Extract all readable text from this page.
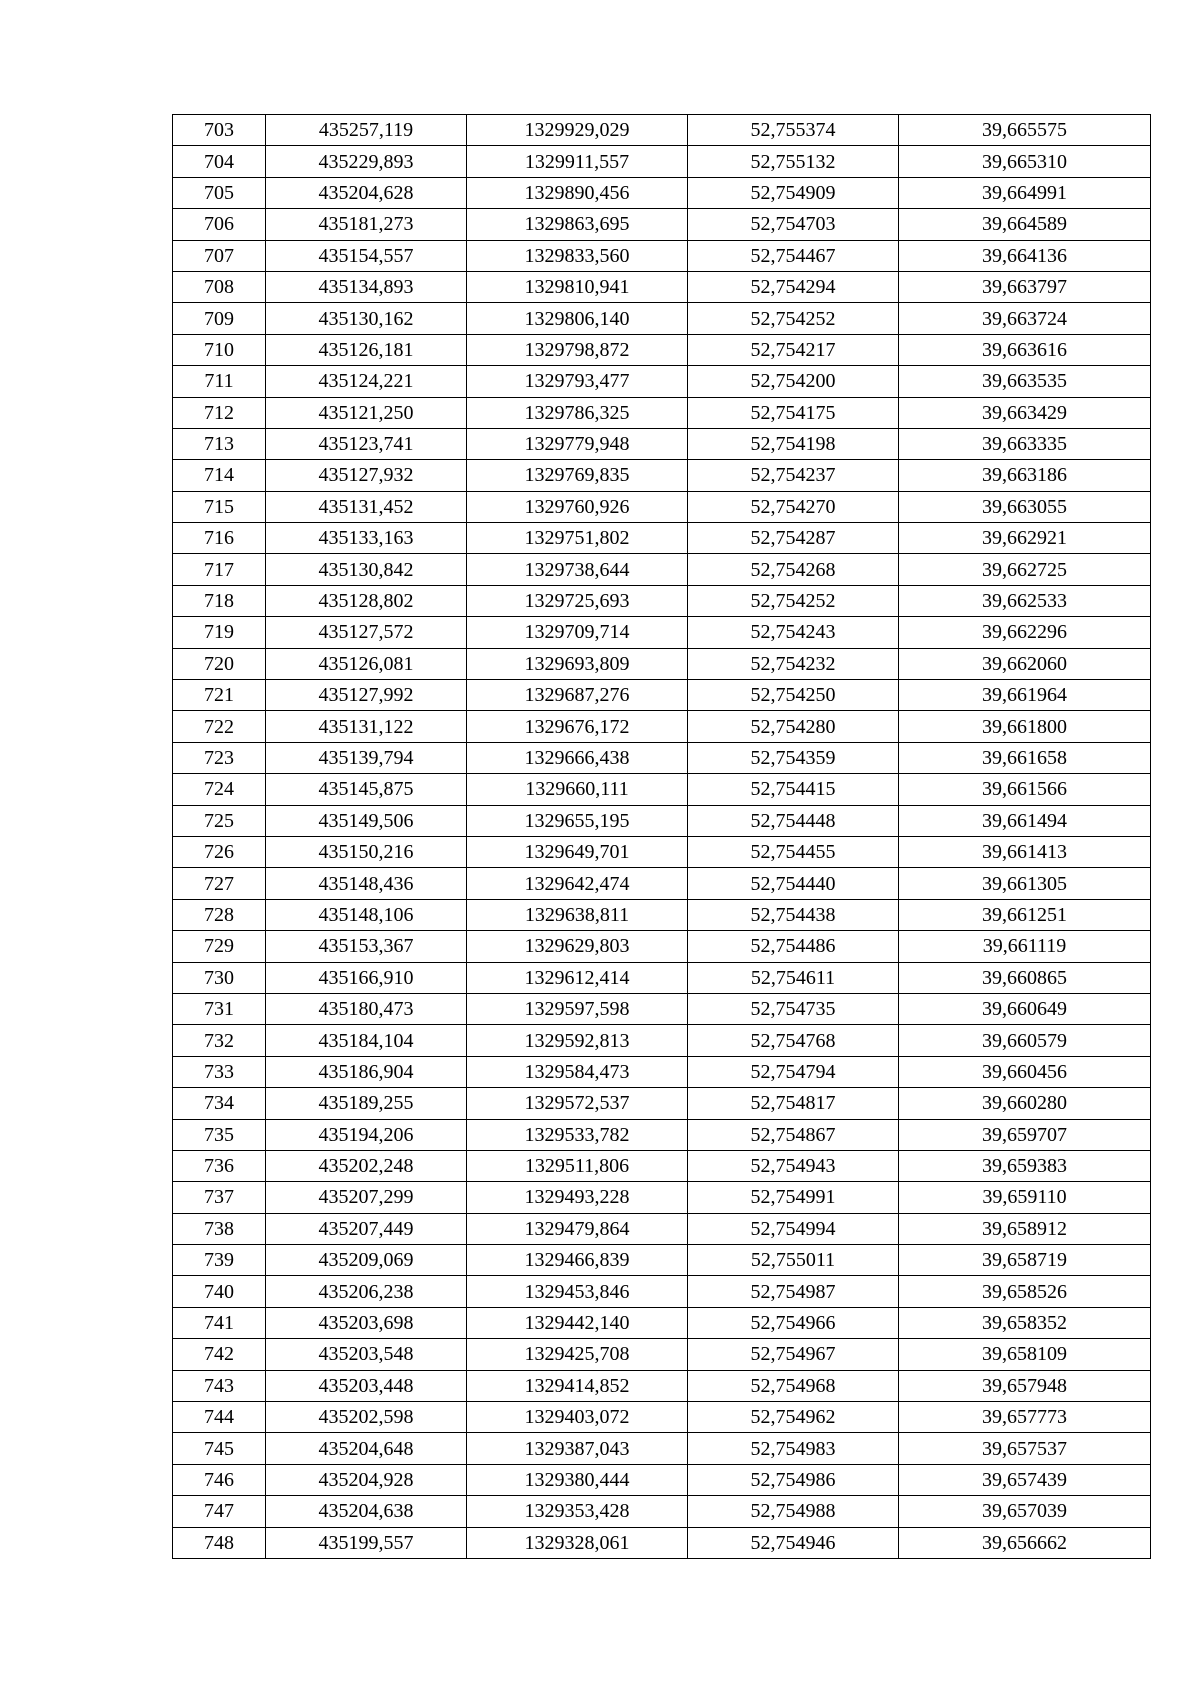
703	435257,119	1329929,029	52,755374	39,665575
704	435229,893	1329911,557	52,755132	39,665310
705	435204,628	1329890,456	52,754909	39,664991
706	435181,273	1329863,695	52,754703	39,664589
707	435154,557	1329833,560	52,754467	39,664136
708	435134,893	1329810,941	52,754294	39,663797
709	435130,162	1329806,140	52,754252	39,663724
710	435126,181	1329798,872	52,754217	39,663616
711	435124,221	1329793,477	52,754200	39,663535
712	435121,250	1329786,325	52,754175	39,663429
713	435123,741	1329779,948	52,754198	39,663335
714	435127,932	1329769,835	52,754237	39,663186
715	435131,452	1329760,926	52,754270	39,663055
716	435133,163	1329751,802	52,754287	39,662921
717	435130,842	1329738,644	52,754268	39,662725
718	435128,802	1329725,693	52,754252	39,662533
719	435127,572	1329709,714	52,754243	39,662296
720	435126,081	1329693,809	52,754232	39,662060
721	435127,992	1329687,276	52,754250	39,661964
722	435131,122	1329676,172	52,754280	39,661800
723	435139,794	1329666,438	52,754359	39,661658
724	435145,875	1329660,111	52,754415	39,661566
725	435149,506	1329655,195	52,754448	39,661494
726	435150,216	1329649,701	52,754455	39,661413
727	435148,436	1329642,474	52,754440	39,661305
728	435148,106	1329638,811	52,754438	39,661251
729	435153,367	1329629,803	52,754486	39,661119
730	435166,910	1329612,414	52,754611	39,660865
731	435180,473	1329597,598	52,754735	39,660649
732	435184,104	1329592,813	52,754768	39,660579
733	435186,904	1329584,473	52,754794	39,660456
734	435189,255	1329572,537	52,754817	39,660280
735	435194,206	1329533,782	52,754867	39,659707
736	435202,248	1329511,806	52,754943	39,659383
737	435207,299	1329493,228	52,754991	39,659110
738	435207,449	1329479,864	52,754994	39,658912
739	435209,069	1329466,839	52,755011	39,658719
740	435206,238	1329453,846	52,754987	39,658526
741	435203,698	1329442,140	52,754966	39,658352
742	435203,548	1329425,708	52,754967	39,658109
743	435203,448	1329414,852	52,754968	39,657948
744	435202,598	1329403,072	52,754962	39,657773
745	435204,648	1329387,043	52,754983	39,657537
746	435204,928	1329380,444	52,754986	39,657439
747	435204,638	1329353,428	52,754988	39,657039
748	435199,557	1329328,061	52,754946	39,656662
